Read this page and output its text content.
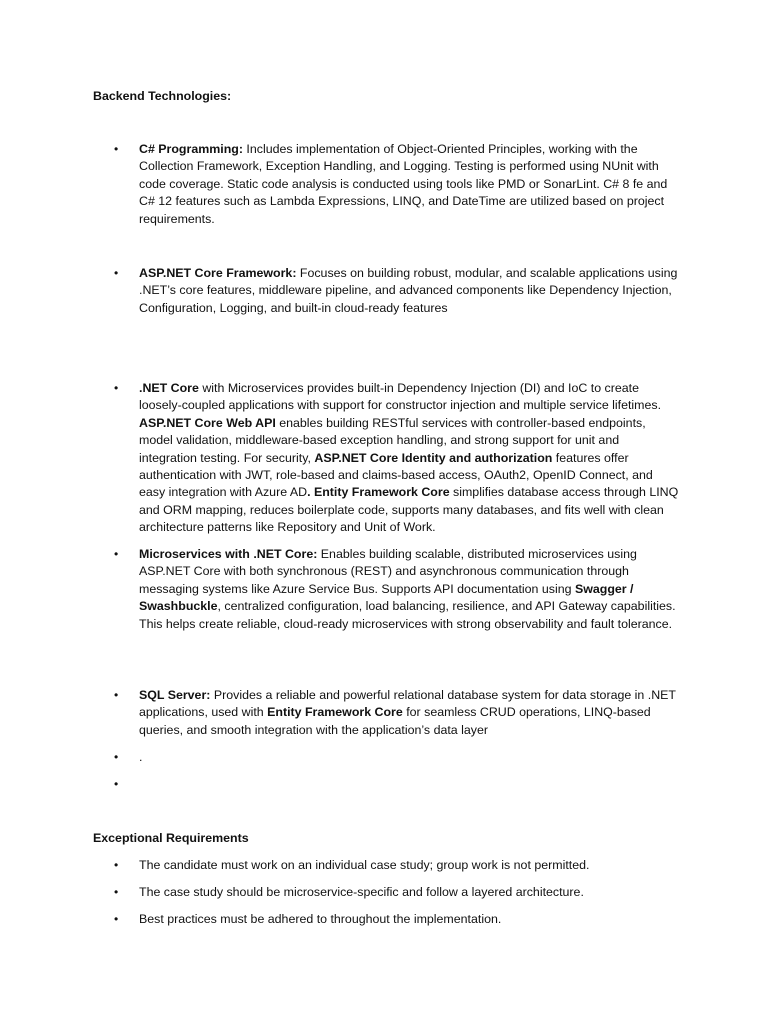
Backend Technologies:
•	C# Programming: Includes implementation of Object-Oriented Principles, working with the Collection Framework, Exception Handling, and Logging. Testing is performed using NUnit with code coverage. Static code analysis is conducted using tools like PMD or SonarLint. C# 8 fe and C# 12 features such as Lambda Expressions, LINQ, and DateTime are utilized based on project requirements.
•	ASP.NET Core Framework: Focuses on building robust, modular, and scalable applications using .NET’s core features, middleware pipeline, and advanced components like Dependency Injection, Configuration, Logging, and built-in cloud-ready features
•	.NET Core with Microservices provides built-in Dependency Injection (DI) and IoC to create loosely-coupled applications with support for constructor injection and multiple service lifetimes. ASP.NET Core Web API enables building RESTful services with controller-based endpoints, model validation, middleware-based exception handling, and strong support for unit and integration testing. For security, ASP.NET Core Identity and authorization features offer authentication with JWT, role-based and claims-based access, OAuth2, OpenID Connect, and easy integration with Azure AD. Entity Framework Core simplifies database access through LINQ and ORM mapping, reduces boilerplate code, supports many databases, and fits well with clean architecture patterns like Repository and Unit of Work.
•	Microservices with .NET Core: Enables building scalable, distributed microservices using ASP.NET Core with both synchronous (REST) and asynchronous communication through messaging systems like Azure Service Bus. Supports API documentation using Swagger / Swashbuckle, centralized configuration, load balancing, resilience, and API Gateway capabilities. This helps create reliable, cloud-ready microservices with strong observability and fault tolerance.
•	SQL Server: Provides a reliable and powerful relational database system for data storage in .NET applications, used with Entity Framework Core for seamless CRUD operations, LINQ-based queries, and smooth integration with the application’s data layer
•	.
•
Exceptional Requirements
•	The candidate must work on an individual case study; group work is not permitted.
•	The case study should be microservice-specific and follow a layered architecture.
•	Best practices must be adhered to throughout the implementation.
